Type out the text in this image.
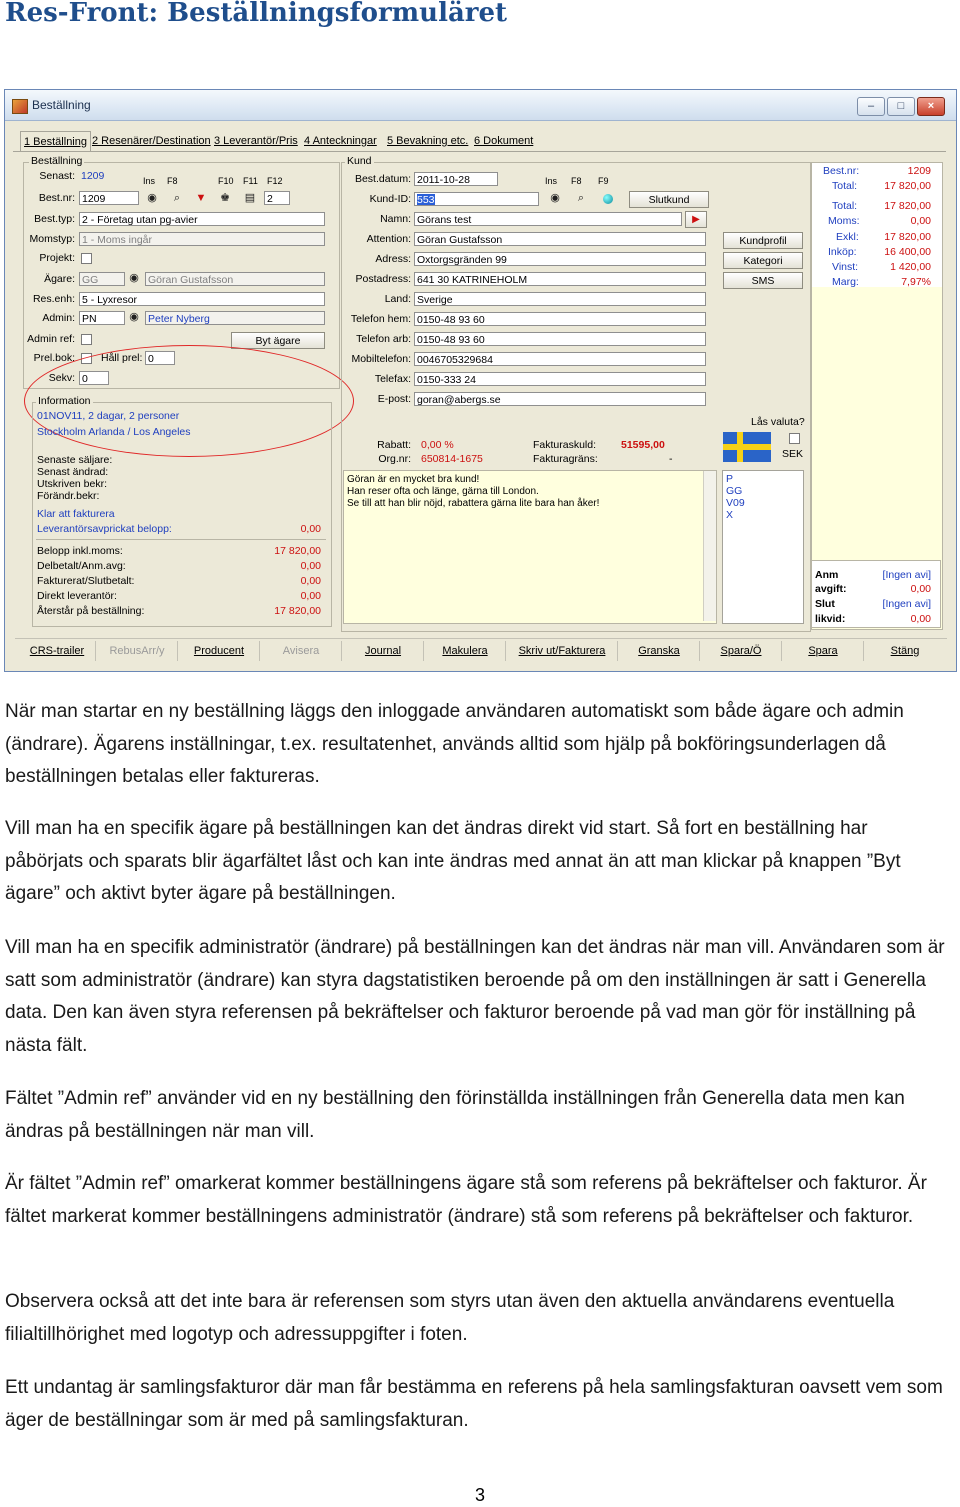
Res-Front: Beställningsformuläret
Beställning	–	□	×
1 Beställning 2 Resenärer/Destination 3 Leverantör/Pris 4 Anteckningar 5 Bevakning etc. 6 Dokument
Beställning
Senast: 1209	Ins F8	F10 F11 F12
Best.nr: 1209	◉	⌕	▼ ♚ ▤ 2
Best.typ: 2 - Företag utan pg-avier
Momstyp: 1 - Moms ingår
Projekt:
Ägare: GG	◉ Göran Gustafsson
Res.enh: 5 - Lyxresor
Admin: PN	◉ Peter Nyberg
Admin ref:	Byt ägare
Prel.bok: Håll prel: 0
Sekv: 0
Information
01NOV11, 2 dagar, 2 personer
Stockholm Arlanda / Los Angeles
Senaste säljare:
Senast ändrad:
Utskriven bekr:
Förändr.bekr:
Klar att fakturera
Leverantörsavprickat belopp:	0,00
Belopp inkl.moms:	17 820,00
Delbetalt/Anm.avg:	0,00
Fakturerat/Slutbetalt:	0,00
Direkt leverantör:	0,00
Återstår på beställning:	17 820,00
Kund
Best.datum: 2011-10-28	Ins F8 F9
Kund-ID: 553	◉	⌕	Slutkund
Namn: Görans test	▶
Attention: Göran Gustafsson
Adress: Oxtorgsgränden 99
Postadress: 641 30 KATRINEHOLM
Land: Sverige
Telefon hem: 0150-48 93 60
Telefon arb: 0150-48 93 60
Mobiltelefon: 0046705329684
Telefax: 0150-333 24
E-post: goran@abergs.se
Kundprofil
Kategori
SMS
Lås valuta?
SEK
Rabatt: 0,00 %
Org.nr: 650814-1675
Fakturaskuld: 51595,00
Fakturagräns:	-
Göran är en mycket bra kund!
Han reser ofta och länge, gärna till London.
Se till att han blir nöjd, rabattera gärna lite bara han åker!
P
GG
V09
X
Best.nr:	1209
Total:	17 820,00
Total:	17 820,00
Moms:	0,00
Exkl:	17 820,00
Inköp:	16 400,00
Vinst:	1 420,00
Marg:	7,97%
Anm	[Ingen avi]
avgift:	0,00
Slut	[Ingen avi]
likvid:	0,00
CRS-trailer	RebusArr/y	Producent	Avisera	Journal	Makulera	Skriv ut/Fakturera	Granska	Spara/Ö	Spara	Stäng
När man startar en ny beställning läggs den inloggade användaren automatiskt som både ägare och admin (ändrare). Ägarens inställningar, t.ex. resultatenhet, används alltid som hjälp på bokföringsunderlagen då beställningen betalas eller faktureras.
Vill man ha en specifik ägare på beställningen kan det ändras direkt vid start. Så fort en beställning har påbörjats och sparats blir ägarfältet låst och kan inte ändras med annat än att man klickar på knappen ”Byt ägare” och aktivt byter ägare på beställningen.
Vill man ha en specifik administratör (ändrare) på beställningen kan det ändras när man vill. Användaren som är satt som administratör (ändrare) kan styra dagstatistiken beroende på om den inställningen är satt i Generella data. Den kan även styra referensen på bekräftelser och fakturor beroende på vad man gör för inställning på nästa fält.
Fältet ”Admin ref” använder vid en ny beställning den förinställda inställningen från Generella data men kan ändras på beställningen när man vill.
Är fältet ”Admin ref” omarkerat kommer beställningens ägare stå som referens på bekräftelser och fakturor. Är fältet markerat kommer beställningens administratör (ändrare) stå som referens på bekräftelser och fakturor.
Observera också att det inte bara är referensen som styrs utan även den aktuella användarens eventuella filialtillhörighet med logotyp och adressuppgifter i foten.
Ett undantag är samlingsfakturor där man får bestämma en referens på hela samlingsfakturan oavsett vem som äger de beställningar som är med på samlingsfakturan.
3
